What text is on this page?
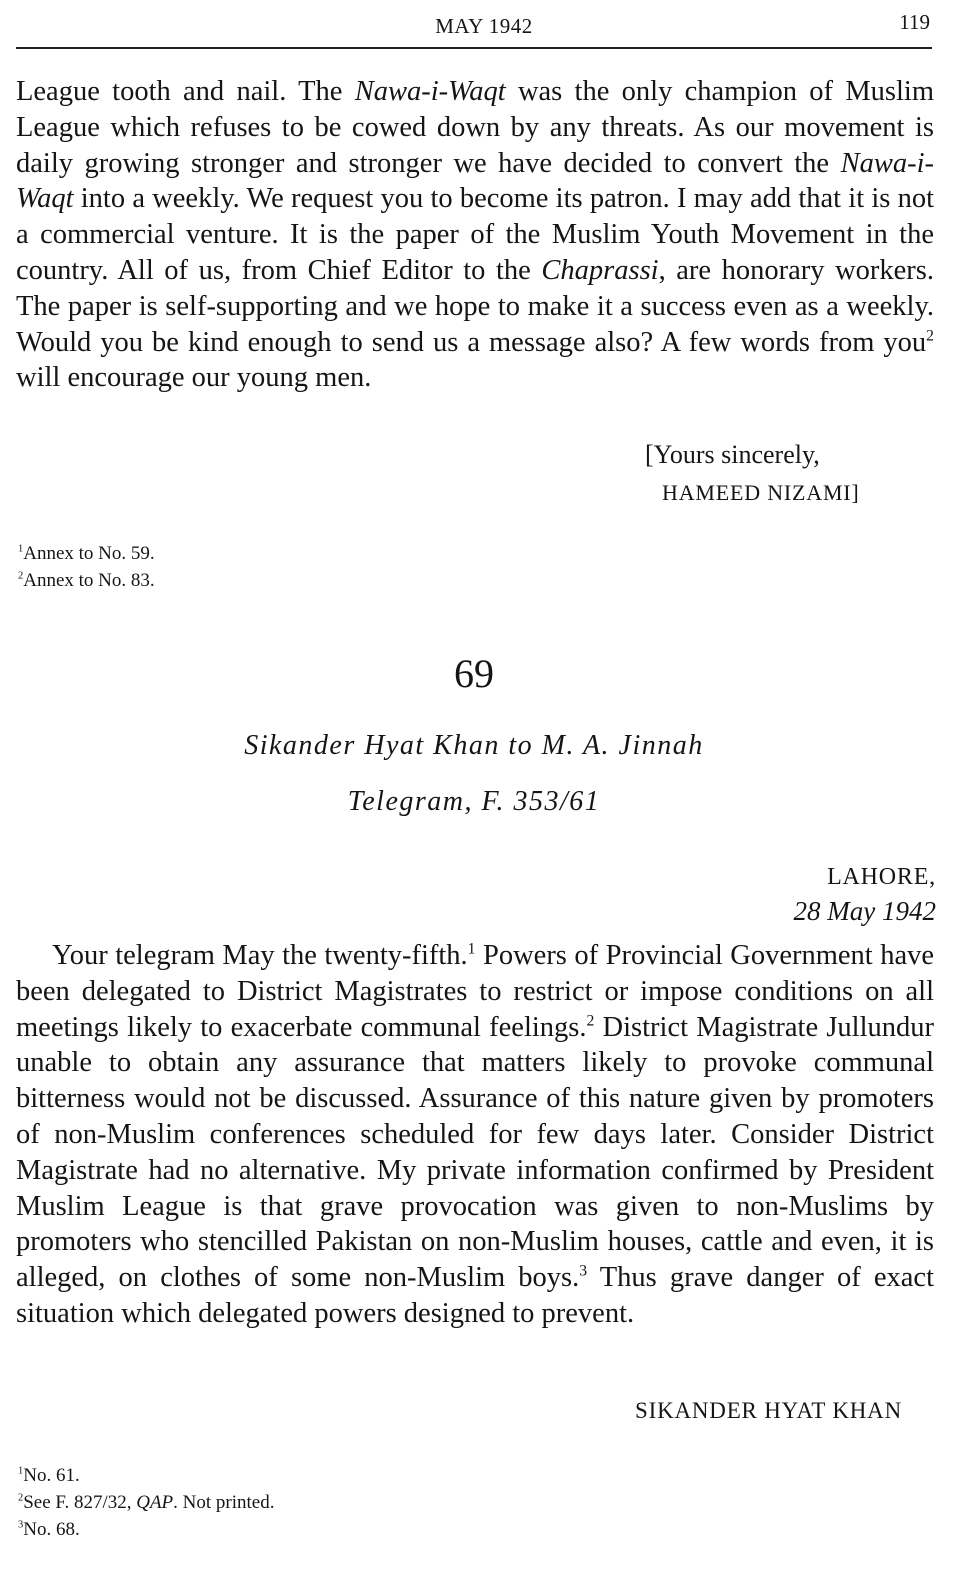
MAY 1942	119
League tooth and nail. The Nawa-i-Waqt was the only champion of Muslim League which refuses to be cowed down by any threats. As our movement is daily growing stronger and stronger we have decided to convert the Nawa-i-Waqt into a weekly. We request you to become its patron. I may add that it is not a commercial venture. It is the paper of the Muslim Youth Movement in the country. All of us, from Chief Editor to the Chaprassi, are honorary workers. The paper is self-supporting and we hope to make it a success even as a weekly. Would you be kind enough to send us a message also? A few words from you$^2$ will encourage our young men.
[Yours sincerely,
HAMEED NIZAMI]
$^1$Annex to No. 59.
$^2$Annex to No. 83.
69
Sikander Hyat Khan to M. A. Jinnah
Telegram, F. 353/61
LAHORE,
28 May 1942
Your telegram May the twenty-fifth.$^1$ Powers of Provincial Government have been delegated to District Magistrates to restrict or impose conditions on all meetings likely to exacerbate communal feelings.$^2$ District Magistrate Jullundur unable to obtain any assurance that matters likely to provoke communal bitterness would not be discussed. Assurance of this nature given by promoters of non-Muslim conferences scheduled for few days later. Consider District Magistrate had no alternative. My private information confirmed by President Muslim League is that grave provocation was given to non-Muslims by promoters who stencilled Pakistan on non-Muslim houses, cattle and even, it is alleged, on clothes of some non-Muslim boys.$^3$ Thus grave danger of exact situation which delegated powers designed to prevent.
SIKANDER HYAT KHAN
$^1$No. 61.
$^2$See F. 827/32, QAP. Not printed.
$^3$No. 68.
